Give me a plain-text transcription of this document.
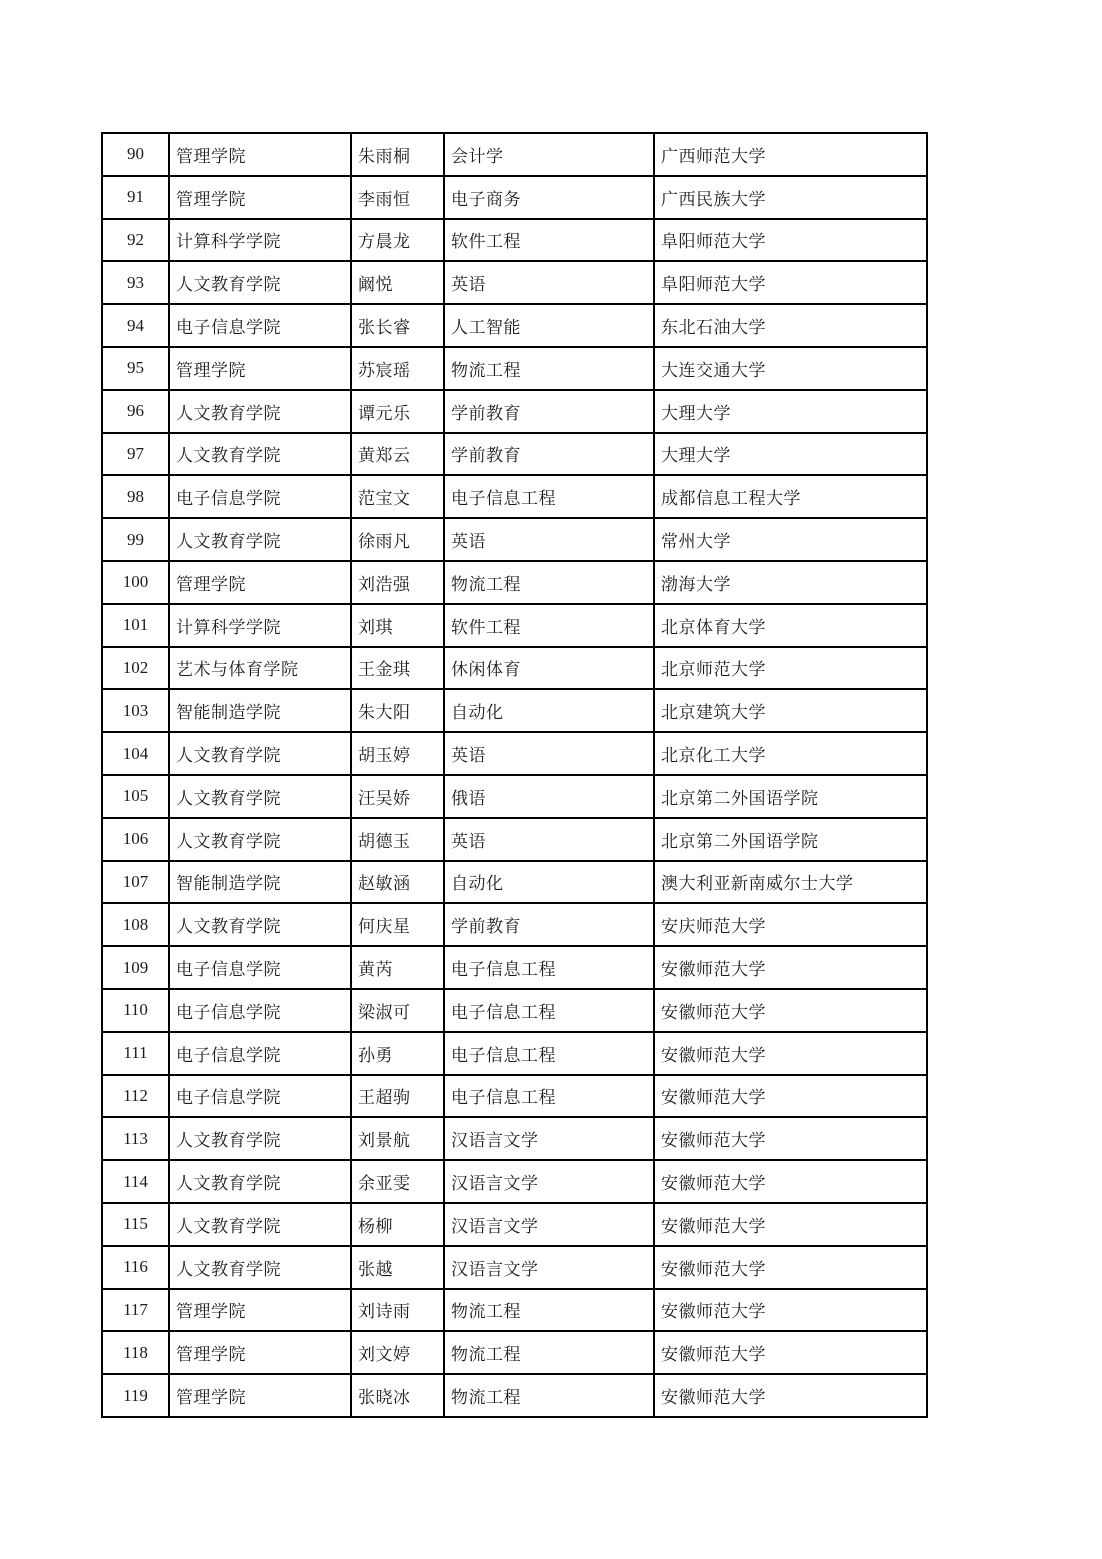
90	管理学院	朱雨桐	会计学	广西师范大学
91	管理学院	李雨恒	电子商务	广西民族大学
92	计算科学学院	方晨龙	软件工程	阜阳师范大学
93	人文教育学院	阚悦	英语	阜阳师范大学
94	电子信息学院	张长睿	人工智能	东北石油大学
95	管理学院	苏宸瑶	物流工程	大连交通大学
96	人文教育学院	谭元乐	学前教育	大理大学
97	人文教育学院	黄郑云	学前教育	大理大学
98	电子信息学院	范宝文	电子信息工程	成都信息工程大学
99	人文教育学院	徐雨凡	英语	常州大学
100	管理学院	刘浩强	物流工程	渤海大学
101	计算科学学院	刘琪	软件工程	北京体育大学
102	艺术与体育学院	王金琪	休闲体育	北京师范大学
103	智能制造学院	朱大阳	自动化	北京建筑大学
104	人文教育学院	胡玉婷	英语	北京化工大学
105	人文教育学院	汪吴娇	俄语	北京第二外国语学院
106	人文教育学院	胡德玉	英语	北京第二外国语学院
107	智能制造学院	赵敏涵	自动化	澳大利亚新南威尔士大学
108	人文教育学院	何庆星	学前教育	安庆师范大学
109	电子信息学院	黄芮	电子信息工程	安徽师范大学
110	电子信息学院	梁淑可	电子信息工程	安徽师范大学
111	电子信息学院	孙勇	电子信息工程	安徽师范大学
112	电子信息学院	王超驹	电子信息工程	安徽师范大学
113	人文教育学院	刘景航	汉语言文学	安徽师范大学
114	人文教育学院	余亚雯	汉语言文学	安徽师范大学
115	人文教育学院	杨柳	汉语言文学	安徽师范大学
116	人文教育学院	张越	汉语言文学	安徽师范大学
117	管理学院	刘诗雨	物流工程	安徽师范大学
118	管理学院	刘文婷	物流工程	安徽师范大学
119	管理学院	张晓冰	物流工程	安徽师范大学
